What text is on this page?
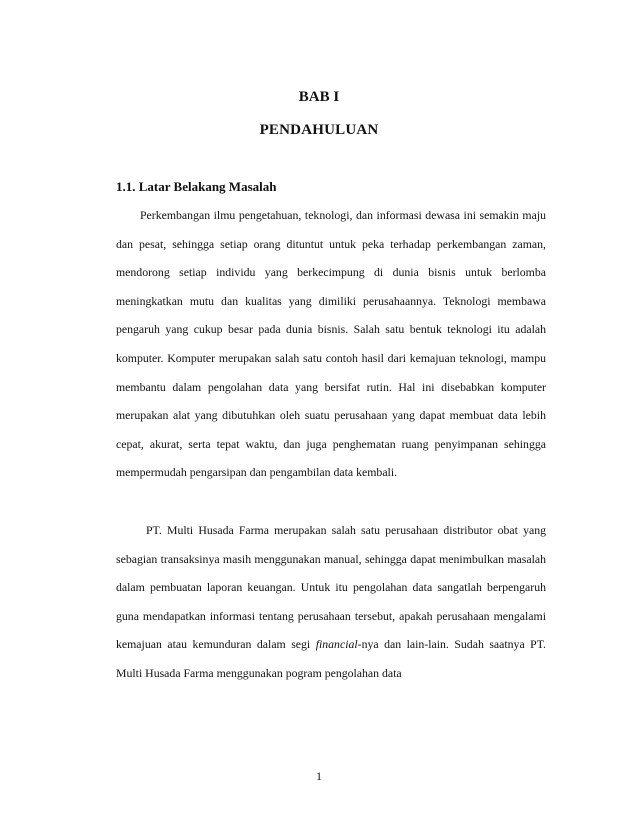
BAB I
PENDAHULUAN
1.1. Latar Belakang Masalah

Perkembangan ilmu pengetahuan, teknologi, dan informasi dewasa ini semakin maju dan pesat, sehingga setiap orang dituntut untuk peka terhadap perkembangan zaman, mendorong setiap individu yang berkecimpung di dunia bisnis untuk berlomba meningkatkan mutu dan kualitas yang dimiliki perusahaannya. Teknologi membawa pengaruh yang cukup besar pada dunia bisnis. Salah satu bentuk teknologi itu adalah komputer. Komputer merupakan salah satu contoh hasil dari kemajuan teknologi, mampu membantu dalam pengolahan data yang bersifat rutin. Hal ini disebabkan komputer merupakan alat yang dibutuhkan oleh suatu perusahaan yang dapat membuat data lebih cepat, akurat, serta tepat waktu, dan juga penghematan ruang penyimpanan sehingga mempermudah pengarsipan dan pengambilan data kembali.

PT. Multi Husada Farma merupakan salah satu perusahaan distributor obat yang sebagian transaksinya masih menggunakan manual, sehingga dapat menimbulkan masalah dalam pembuatan laporan keuangan. Untuk itu pengolahan data sangatlah berpengaruh guna mendapatkan informasi tentang perusahaan tersebut, apakah perusahaan mengalami kemajuan atau kemunduran dalam segi financial-nya dan lain-lain. Sudah saatnya PT. Multi Husada Farma menggunakan pogram pengolahan data

1
